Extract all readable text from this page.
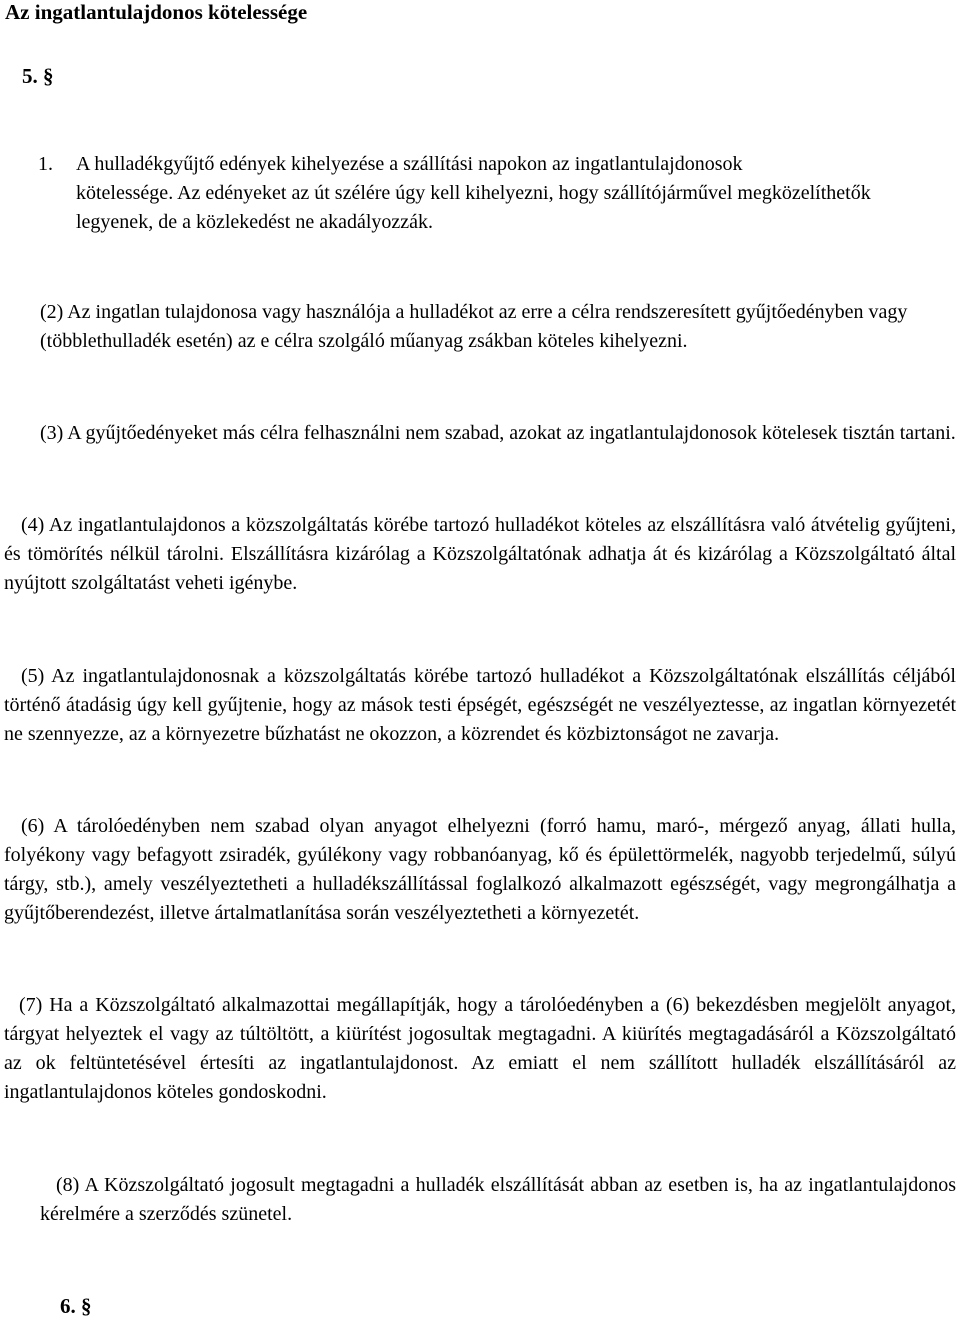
Az ingatlantulajdonos kötelessége
5. §
1.	A hulladékgyűjtő edények kihelyezése a szállítási napokon az ingatlantulajdonosok
kötelessége. Az edényeket az út szélére úgy kell kihelyezni, hogy szállítójárművel megközelíthetők legyenek, de a közlekedést ne akadályozzák.

(2) Az ingatlan tulajdonosa vagy használója a hulladékot az erre a célra rendszeresített gyűjtőedényben vagy (többlethulladék esetén) az e célra szolgáló műanyag zsákban köteles kihelyezni.

(3) A gyűjtőedényeket más célra felhasználni nem szabad, azokat az ingatlantulajdonosok kötelesek tisztán tartani.

(4) Az ingatlantulajdonos a közszolgáltatás körébe tartozó hulladékot köteles az elszállításra való átvételig gyűjteni, és tömörítés nélkül tárolni. Elszállításra kizárólag a Közszolgáltatónak adhatja át és kizárólag a Közszolgáltató által nyújtott szolgáltatást veheti igénybe.

(5) Az ingatlantulajdonosnak a közszolgáltatás körébe tartozó hulladékot a Közszolgáltatónak elszállítás céljából történő átadásig úgy kell gyűjtenie, hogy az mások testi épségét, egészségét ne veszélyeztesse, az ingatlan környezetét ne szennyezze, az a környezetre bűzhatást ne okozzon, a közrendet és közbiztonságot ne zavarja.

(6) A tárolóedényben nem szabad olyan anyagot elhelyezni (forró hamu, maró-, mérgező anyag, állati hulla, folyékony vagy befagyott zsiradék, gyúlékony vagy robbanóanyag, kő és épülettörmelék, nagyobb terjedelmű, súlyú tárgy, stb.), amely veszélyeztetheti a hulladékszállítással foglalkozó alkalmazott egészségét, vagy megrongálhatja a gyűjtőberendezést, illetve ártalmatlanítása során veszélyeztetheti a környezetét.

(7) Ha a Közszolgáltató alkalmazottai megállapítják, hogy a tárolóedényben a (6) bekezdésben megjelölt anyagot, tárgyat helyeztek el vagy az túltöltött, a kiürítést jogosultak megtagadni. A kiürítés megtagadásáról a Közszolgáltató az ok feltüntetésével értesíti az ingatlantulajdonost. Az emiatt el nem szállított hulladék elszállításáról az ingatlantulajdonos köteles gondoskodni.

(8) A Közszolgáltató jogosult megtagadni a hulladék elszállítását abban az esetben is, ha az ingatlantulajdonos kérelmére a szerződés szünetel.

6. §
